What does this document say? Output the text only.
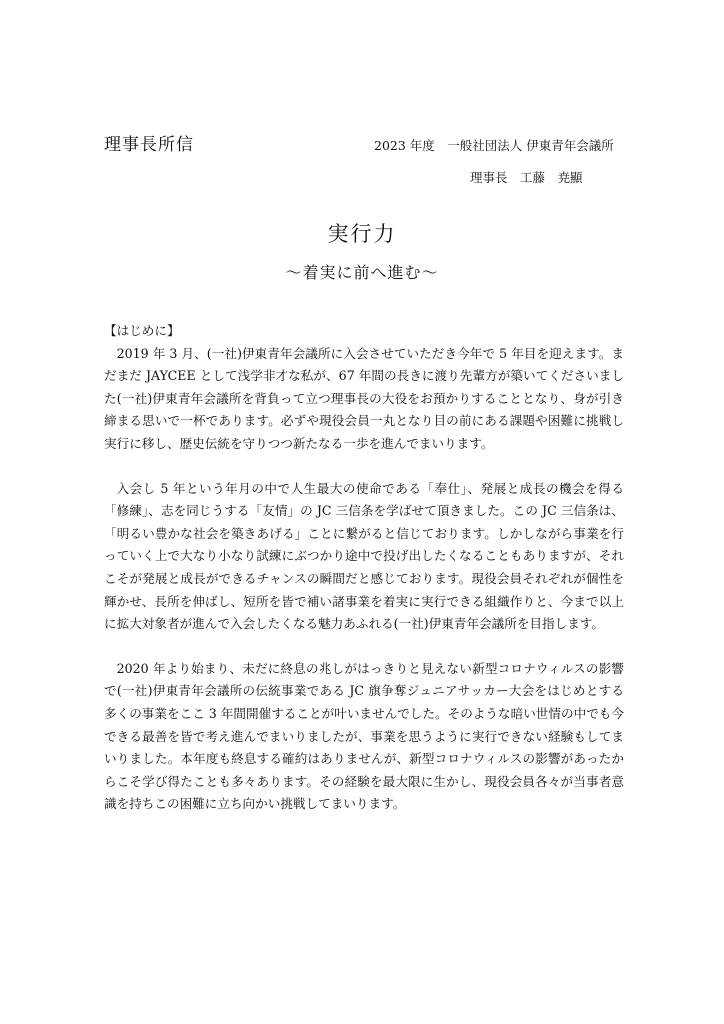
理事長所信	2023 年度　一般社団法人 伊東青年会議所
理事長　工藤　尭顯
実行力
～着実に前へ進む～

【はじめに】

2019 年 3 月、(一社)伊東青年会議所に入会させていただき今年で 5 年目を迎えます。まだまだ JAYCEE として浅学非才な私が、67 年間の長きに渡り先輩方が築いてくださいました(一社)伊東青年会議所を背負って立つ理事長の大役をお預かりすることとなり、身が引き締まる思いで一杯であります。必ずや現役会員一丸となり目の前にある課題や困難に挑戦し実行に移し、歴史伝統を守りつつ新たなる一歩を進んでまいります。

入会し 5 年という年月の中で人生最大の使命である「奉仕」、発展と成長の機会を得る「修練」、志を同じうする「友情」の JC 三信条を学ばせて頂きました。この JC 三信条は、「明るい豊かな社会を築きあげる」ことに繋がると信じております。しかしながら事業を行っていく上で大なり小なり試練にぶつかり途中で投げ出したくなることもありますが、それこそが発展と成長ができるチャンスの瞬間だと感じております。現役会員それぞれが個性を輝かせ、長所を伸ばし、短所を皆で補い諸事業を着実に実行できる組織作りと、今まで以上に拡大対象者が進んで入会したくなる魅力あふれる(一社)伊東青年会議所を目指します。

2020 年より始まり、未だに終息の兆しがはっきりと見えない新型コロナウィルスの影響で(一社)伊東青年会議所の伝統事業である JC 旗争奪ジュニアサッカー大会をはじめとする多くの事業をここ 3 年間開催することが叶いませんでした。そのような暗い世情の中でも今できる最善を皆で考え進んでまいりましたが、事業を思うように実行できない経験もしてまいりました。本年度も終息する確約はありませんが、新型コロナウィルスの影響があったからこそ学び得たことも多々あります。その経験を最大限に生かし、現役会員各々が当事者意識を持ちこの困難に立ち向かい挑戦してまいります。
